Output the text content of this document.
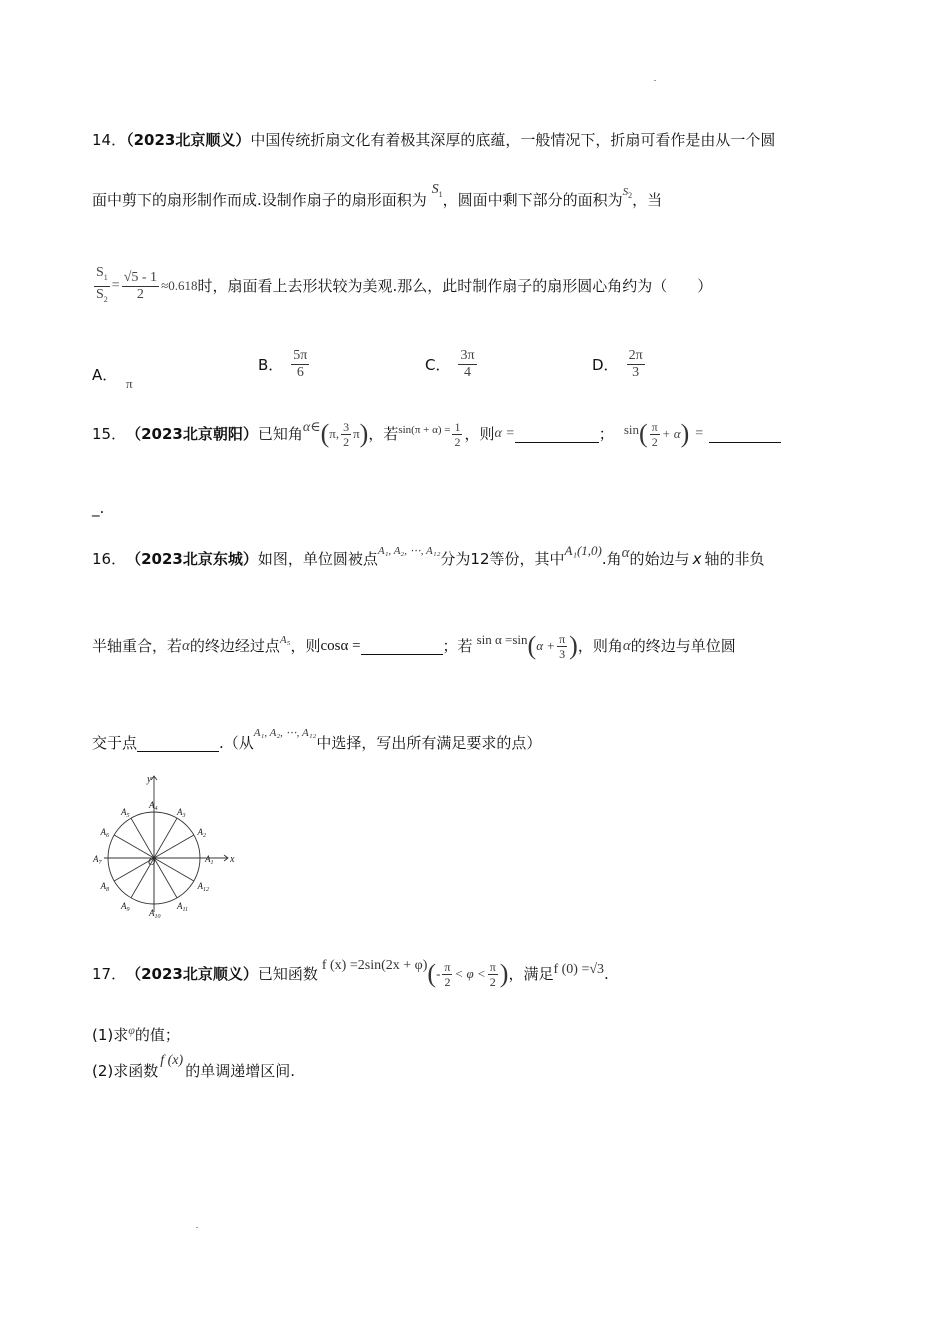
14．（2023北京顺义）中国传统折扇文化有着极其深厚的底蕴，一般情况下，折扇可看作是由从一个圆
面中剪下的扇形制作而成.设制作扇子的扇形面积为 $S_1$，圆面中剩下部分的面积为$^{S_2}$，当
$\frac{S_1}{S_2} = \frac{√5 - 1}{2} \approx 0.618$ 时，扇面看上去形状较为美观.那么，此时制作扇子的扇形圆心角约为（　　）
A． π
B． $\frac{5\pi}{6}$	C． $\frac{3\pi}{4}$	D． $\frac{2\pi}{3}$
15． （2023北京朝阳） 已知角 α∈ ( π, $\frac{3}{2}$ π ) ，若 $\sin(\pi + \alpha) = \frac{1}{2}$ ，则 α =	； sin ( $\frac{\pi}{2} + \alpha$ ) =
_.
16． （2023北京东城） 如图，单位圆被点 A₁, A₂, ⋯, A₁₂ 分为12等份，其中 A₁(1,0) .角 α 的始边与 x 轴的非负
半轴重合，若 α 的终边经过点 A₅ ，则 cosα =	；若 sin α =sin ( $\alpha + \frac{\pi}{3}$ ) ，则角 α 的终边与单位圆
交于点	.（从
A₁, A₂, ⋯, A₁₂
中选择，写出所有满足要求的点）
$A_1$
$A_2$
$A_3$
$A_4$
$A_5$
$A_6$
$A_7$
$A_8$
$A_9$ $A_{10}$
$A_{11}$
$A_{12}$
x
y
O
17． （2023北京顺义） 已知函数 f (x) =2sin(2x + φ) ( - $\frac{\pi}{2} < \varphi < \frac{\pi}{2}$ ) ，满足 f (0) =√3 .
(1)求$^\varphi$的值；
(2)求函数f (x)的单调递增区间.
